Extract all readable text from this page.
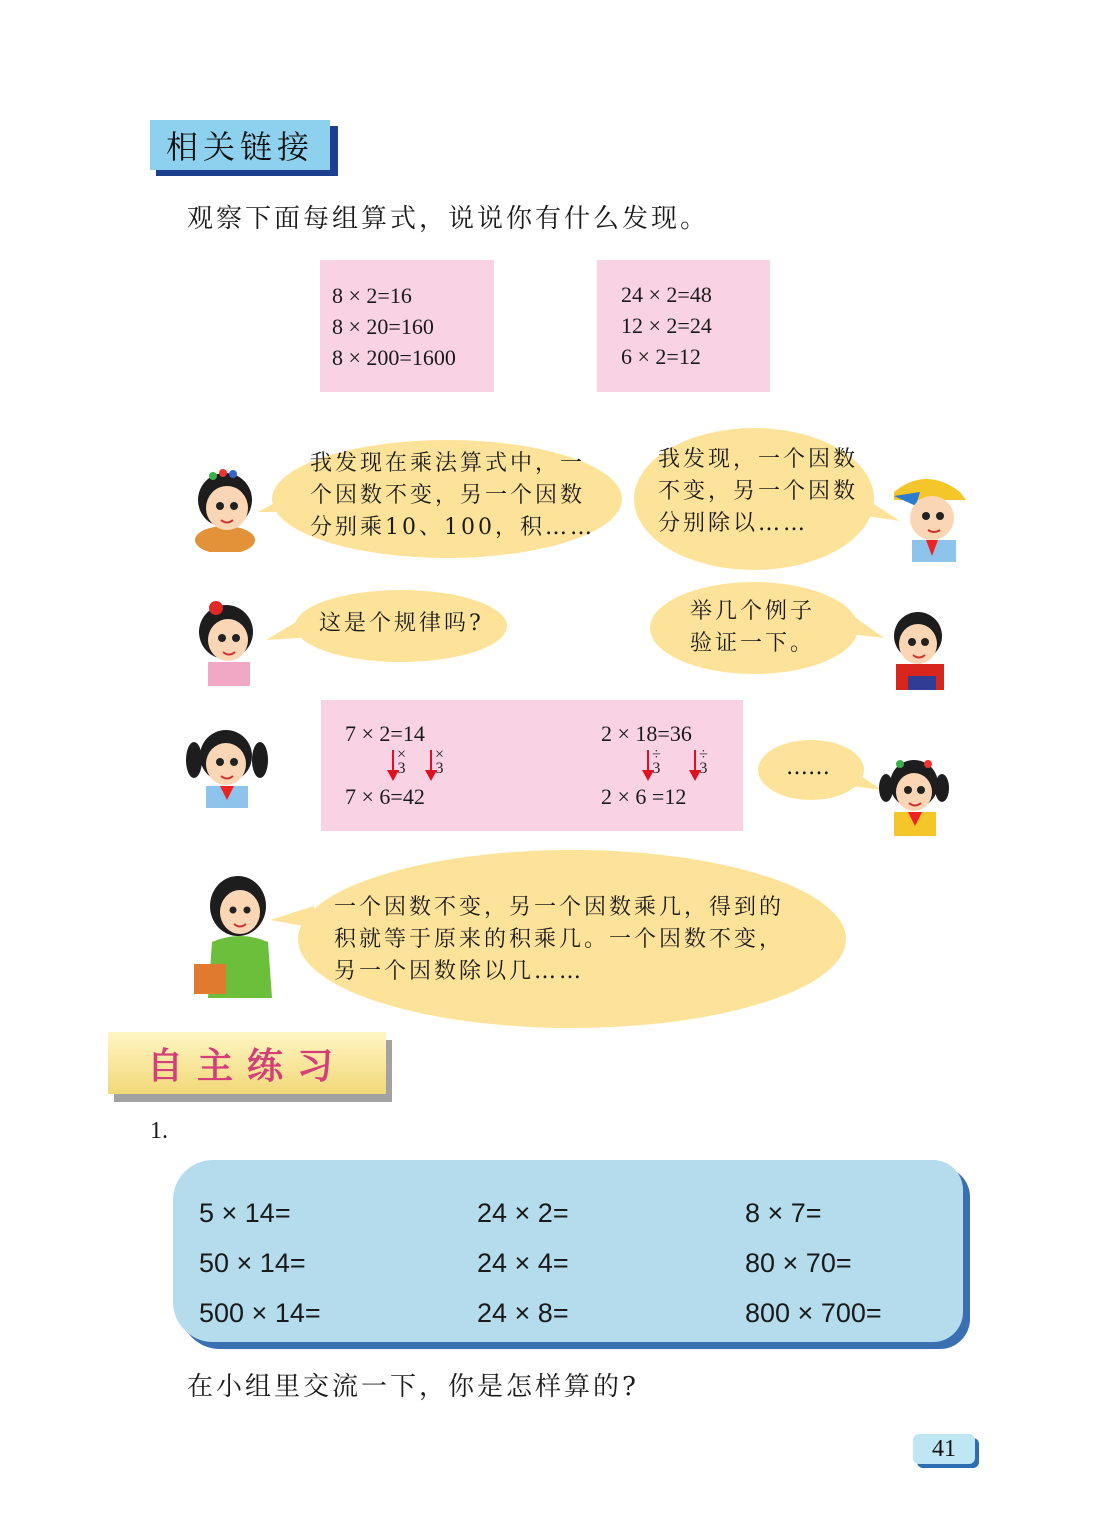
相关链接
观察下面每组算式，说说你有什么发现。
8 × 2=16
8 × 20=160
8 × 200=1600
24 × 2=48
12 × 2=24
6 × 2=12
我发现在乘法算式中，一
个因数不变，另一个因数
分别乘10、100，积……
我发现，一个因数
不变，另一个因数
分别除以……
这是个规律吗?	举几个例子
验证一下。
7 × 2=14
7 × 6=42
2 × 18=36
2 × 6 =12
×
3
×
3
÷
3
÷
3	……
一个因数不变，另一个因数乘几，得到的
积就等于原来的积乘几。一个因数不变，
另一个因数除以几……
自主练习
1.
5 × 14=
50 × 14=
500 × 14=
24 × 2=
24 × 4=
24 × 8=
8 × 7=
80 × 70=
800 × 700=
在小组里交流一下，你是怎样算的?
41
